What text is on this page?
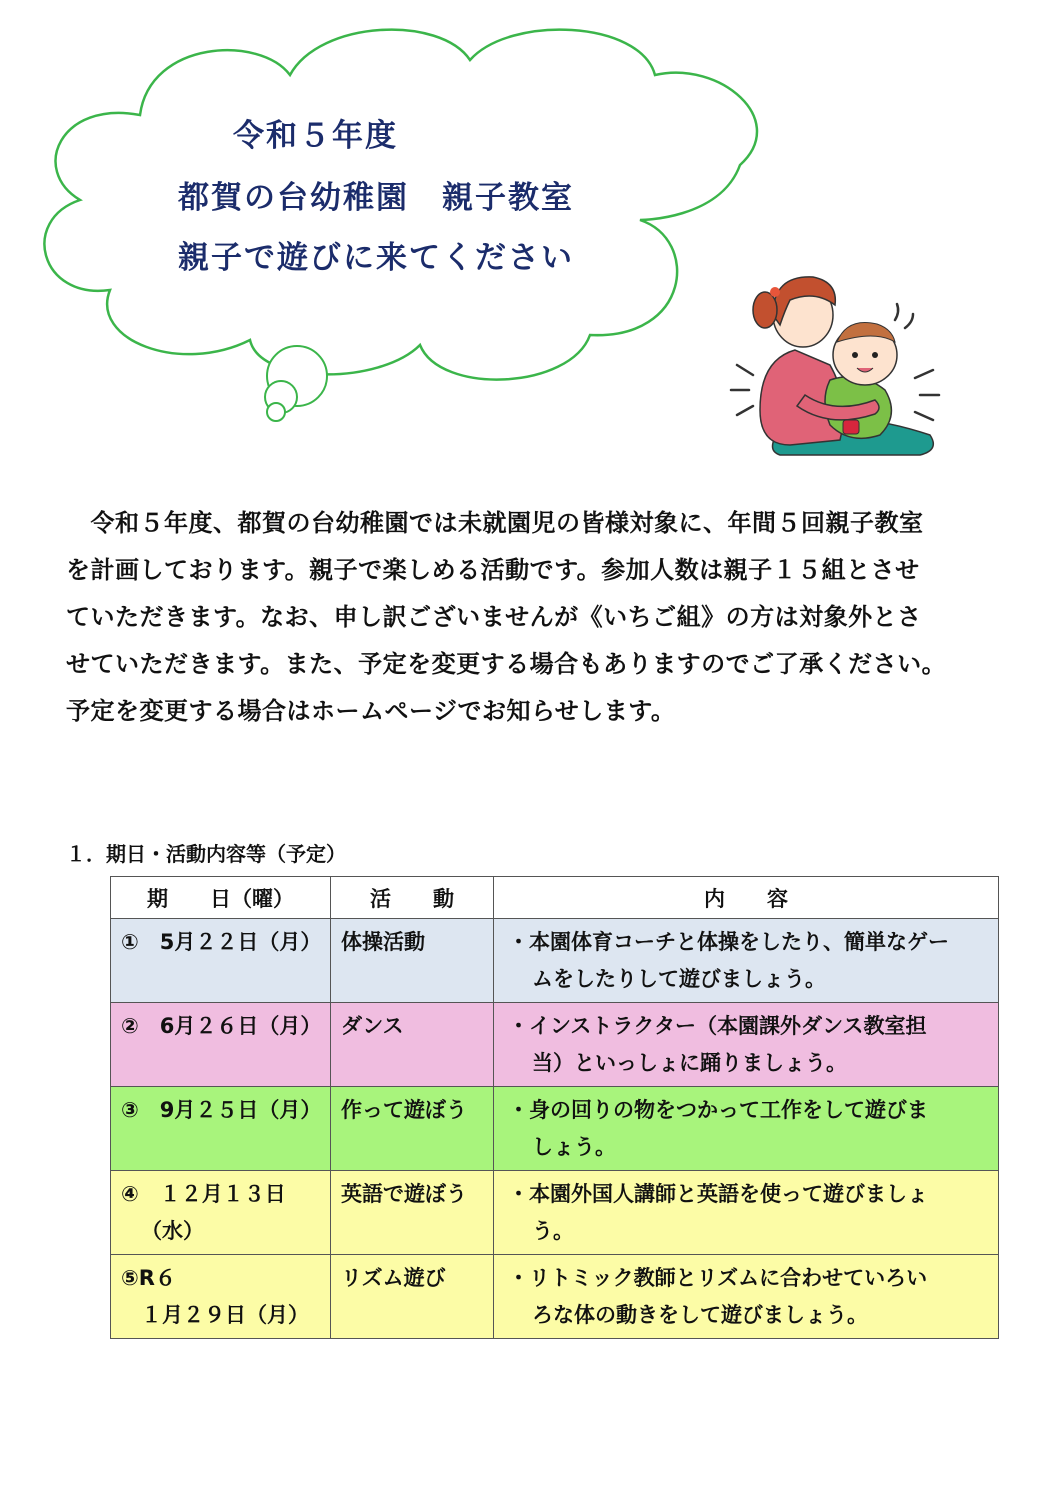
令和５年度
都賀の台幼稚園　親子教室
親子で遊びに来てください

　令和５年度、都賀の台幼稚園では未就園児の皆様対象に、年間５回親子教室

を計画しております。親子で楽しめる活動です。参加人数は親子１５組とさせ

ていただきます。なお、申し訳ございませんが《いちご組》の方は対象外とさ

せていただきます。また、予定を変更する場合もありますのでご了承ください。

予定を変更する場合はホームページでお知らせします。

１．期日・活動内容等（予定）
期　　日（曜）	活　　動	内　　容

①　5月２２日（月）	体操活動	・本園体育コーチと体操をしたり、簡単なゲー
ムをしたりして遊びましょう。

②　6月２６日（月）	ダンス	・インストラクター（本園課外ダンス教室担
当）といっしょに踊りましょう。

③　9月２５日（月）	作って遊ぼう	・身の回りの物をつかって工作をして遊びま
しょう。

④　１２月１３日
（水）	英語で遊ぼう	・本園外国人講師と英語を使って遊びましょ
う。

⑤R６
１月２９日（月）	リズム遊び	・リトミック教師とリズムに合わせていろい
ろな体の動きをして遊びましょう。
